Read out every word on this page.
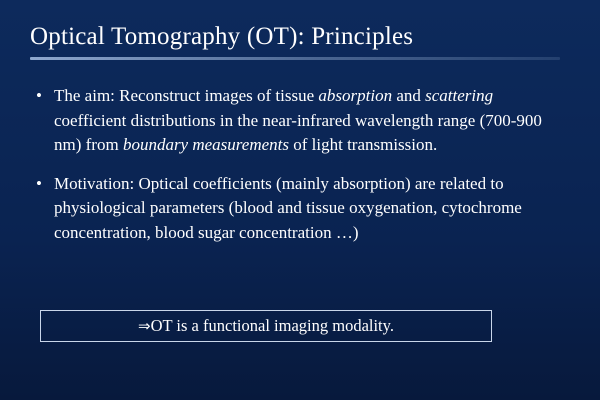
Optical Tomography (OT): Principles
• The aim: Reconstruct images of tissue absorption and scattering coefficient distributions in the near-infrared wavelength range (700-900 nm) from boundary measurements of light transmission.
• Motivation: Optical coefficients (mainly absorption) are related to physiological parameters (blood and tissue oxygenation, cytochrome concentration, blood sugar concentration …)
⇒OT is a functional imaging modality.
